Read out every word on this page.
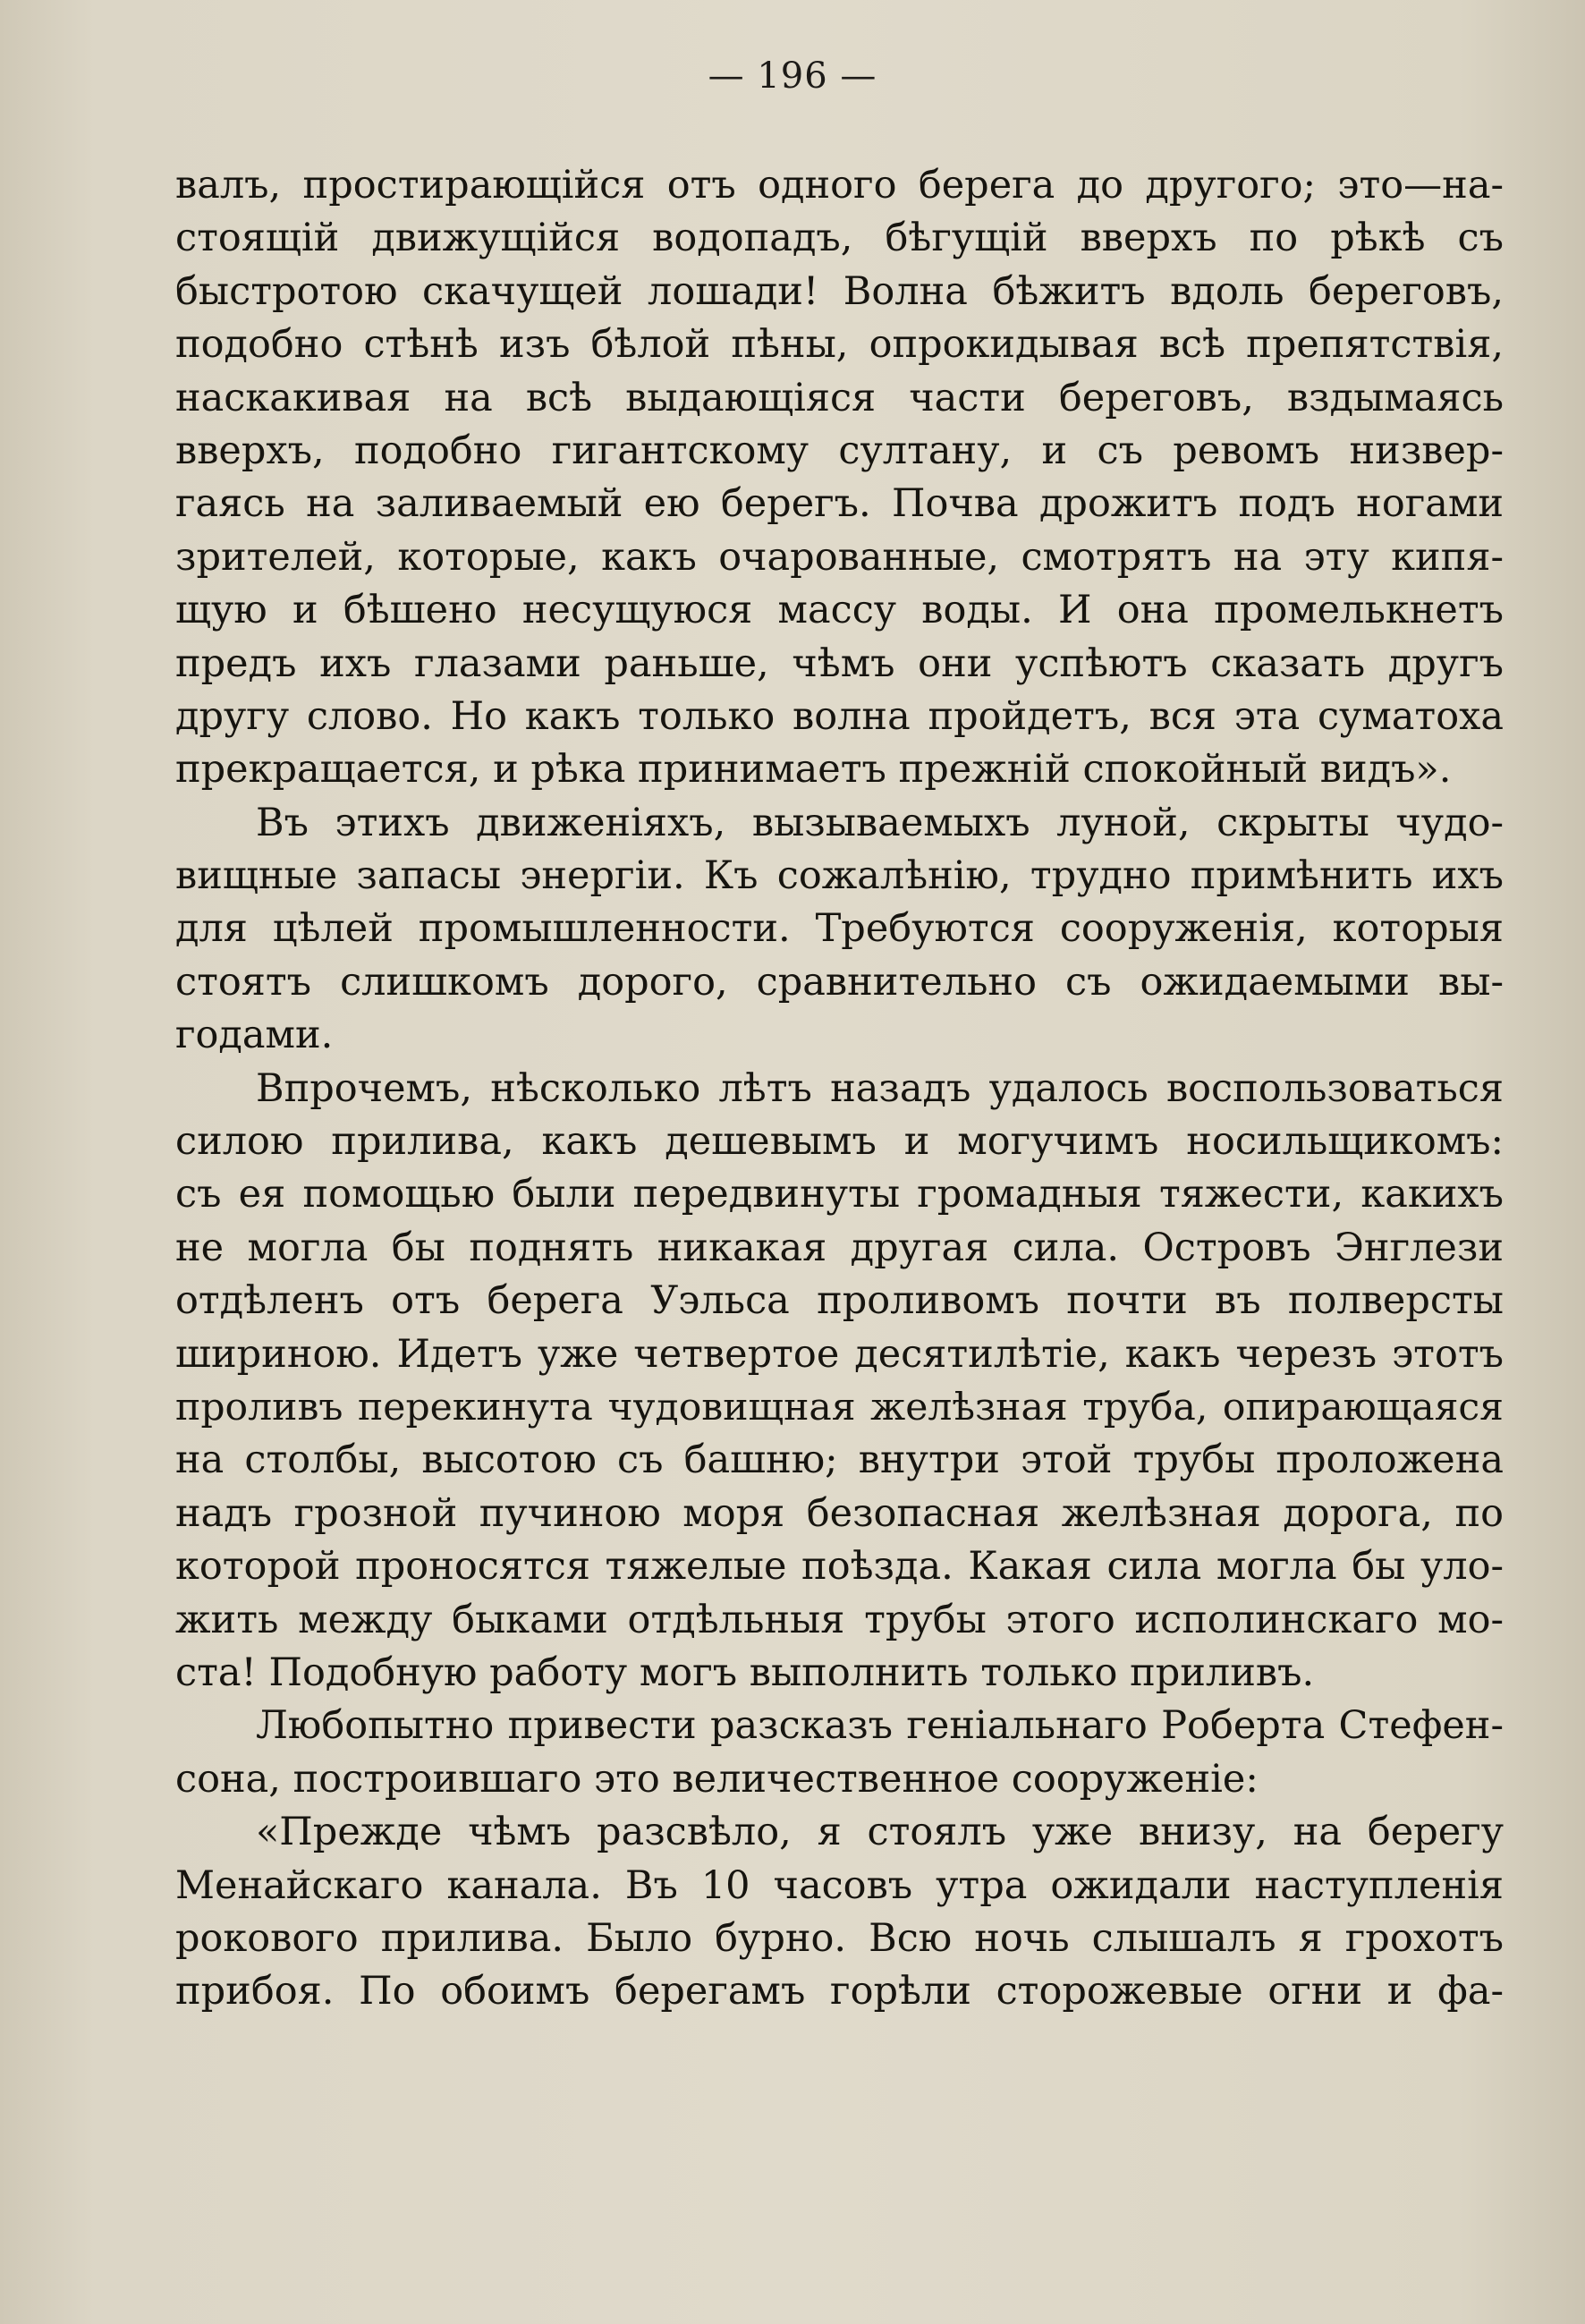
— 196 —
валъ, простирающійся отъ одного берега до другого; это—на-
стоящій движущійся водопадъ, бѣгущій вверхъ по рѣкѣ съ
быстротою скачущей лошади! Волна бѣжитъ вдоль береговъ,
подобно стѣнѣ изъ бѣлой пѣны, опрокидывая всѣ препятствія,
наскакивая на всѣ выдающіяся части береговъ, вздымаясь
вверхъ, подобно гигантскому султану, и съ ревомъ низвер-
гаясь на заливаемый ею берегъ. Почва дрожитъ подъ ногами
зрителей, которые, какъ очарованные, смотрятъ на эту кипя-
щую и бѣшено несущуюся массу воды. И она промелькнетъ
предъ ихъ глазами раньше, чѣмъ они успѣютъ сказать другъ
другу слово. Но какъ только волна пройдетъ, вся эта суматоха
прекращается, и рѣка принимаетъ прежній спокойный видъ».
Въ этихъ движеніяхъ, вызываемыхъ луной, скрыты чудо-
вищные запасы энергіи. Къ сожалѣнію, трудно примѣнить ихъ
для цѣлей промышленности. Требуются сооруженія, которыя
стоятъ слишкомъ дорого, сравнительно съ ожидаемыми вы-
годами.
Впрочемъ, нѣсколько лѣтъ назадъ удалось воспользоваться
силою прилива, какъ дешевымъ и могучимъ носильщикомъ:
съ ея помощью были передвинуты громадныя тяжести, какихъ
не могла бы поднять никакая другая сила. Островъ Энглези
отдѣленъ отъ берега Уэльса проливомъ почти въ полверсты
шириною. Идетъ уже четвертое десятилѣтіе, какъ черезъ этотъ
проливъ перекинута чудовищная желѣзная труба, опирающаяся
на столбы, высотою съ башню; внутри этой трубы проложена
надъ грозной пучиною моря безопасная желѣзная дорога, по
которой проносятся тяжелые поѣзда. Какая сила могла бы уло-
жить между быками отдѣльныя трубы этого исполинскаго мо-
ста! Подобную работу могъ выполнить только приливъ.
Любопытно привести разсказъ геніальнаго Роберта Стефен-
сона, построившаго это величественное сооруженіе:
«Прежде чѣмъ разсвѣло, я стоялъ уже внизу, на берегу
Менайскаго канала. Въ 10 часовъ утра ожидали наступленія
рокового прилива. Было бурно. Всю ночь слышалъ я грохотъ
прибоя. По обоимъ берегамъ горѣли сторожевые огни и фа-
